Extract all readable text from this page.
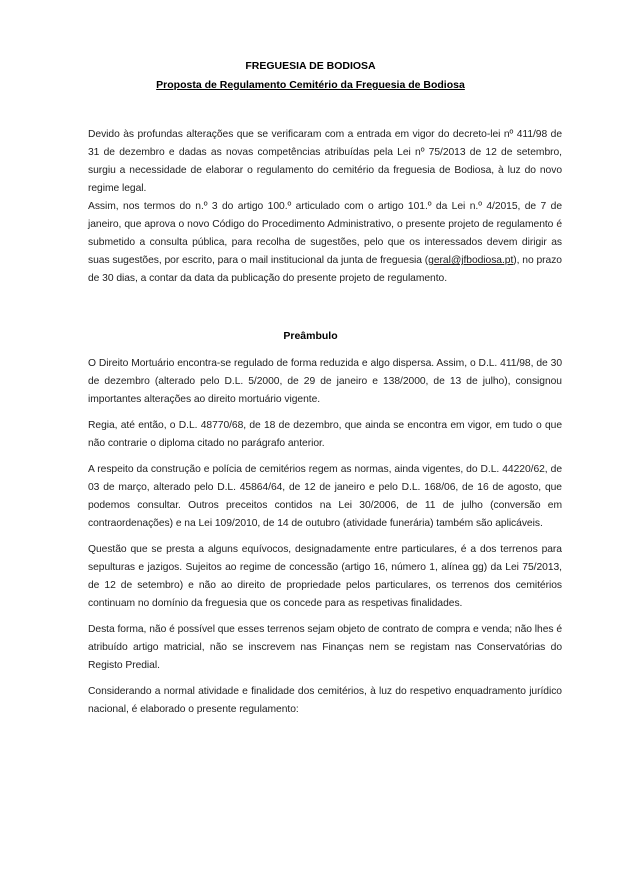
FREGUESIA DE BODIOSA
Proposta de Regulamento Cemitério da Freguesia de Bodiosa

Devido às profundas alterações que se verificaram com a entrada em vigor do decreto-lei nº 411/98 de 31 de dezembro e dadas as novas competências atribuídas pela Lei nº 75/2013 de 12 de setembro, surgiu a necessidade de elaborar o regulamento do cemitério da freguesia de Bodiosa, à luz do novo regime legal.

Assim, nos termos do n.º 3 do artigo 100.º articulado com o artigo 101.º da Lei n.º 4/2015, de 7 de janeiro, que aprova o novo Código do Procedimento Administrativo, o presente projeto de regulamento é submetido a consulta pública, para recolha de sugestões, pelo que os interessados devem dirigir as suas sugestões, por escrito, para o mail institucional da junta de freguesia (geral@jfbodiosa.pt), no prazo de 30 dias, a contar da data da publicação do presente projeto de regulamento.

Preâmbulo

O Direito Mortuário encontra-se regulado de forma reduzida e algo dispersa. Assim, o D.L. 411/98, de 30 de dezembro (alterado pelo D.L. 5/2000, de 29 de janeiro e 138/2000, de 13 de julho), consignou importantes alterações ao direito mortuário vigente.

Regia, até então, o D.L. 48770/68, de 18 de dezembro, que ainda se encontra em vigor, em tudo o que não contrarie o diploma citado no parágrafo anterior.

A respeito da construção e polícia de cemitérios regem as normas, ainda vigentes, do D.L. 44220/62, de 03 de março, alterado pelo D.L. 45864/64, de 12 de janeiro e pelo D.L. 168/06, de 16 de agosto, que podemos consultar. Outros preceitos contidos na Lei 30/2006, de 11 de julho (conversão em contraordenações) e na Lei 109/2010, de 14 de outubro (atividade funerária) também são aplicáveis.

Questão que se presta a alguns equívocos, designadamente entre particulares, é a dos terrenos para sepulturas e jazigos. Sujeitos ao regime de concessão (artigo 16, número 1, alínea gg) da Lei 75/2013, de 12 de setembro) e não ao direito de propriedade pelos particulares, os terrenos dos cemitérios continuam no domínio da freguesia que os concede para as respetivas finalidades.

Desta forma, não é possível que esses terrenos sejam objeto de contrato de compra e venda; não lhes é atribuído artigo matricial, não se inscrevem nas Finanças nem se registam nas Conservatórias do Registo Predial.

Considerando a normal atividade e finalidade dos cemitérios, à luz do respetivo enquadramento jurídico nacional, é elaborado o presente regulamento:
